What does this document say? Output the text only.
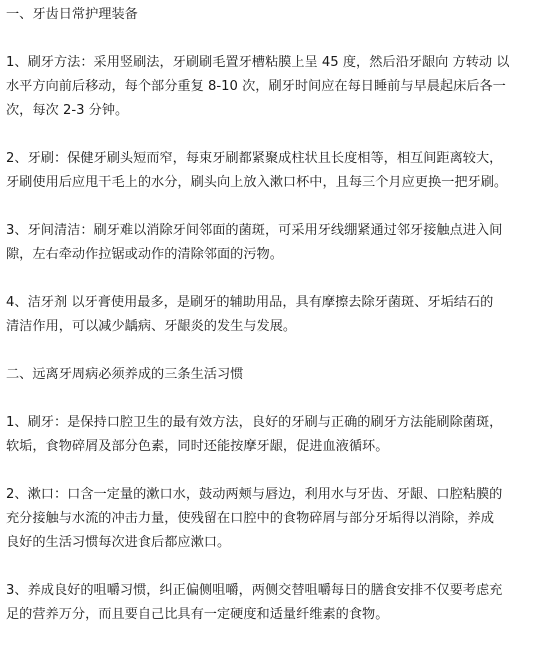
一、牙齿日常护理装备
1、刷牙方法：采用竖刷法，牙刷刷毛置牙槽粘膜上呈 45 度，然后沿牙龈向 方转动 以
水平方向前后移动，每个部分重复 8-10 次，刷牙时间应在每日睡前与早晨起床后各一
次，每次 2-3 分钟。
2、牙刷：保健牙刷头短而窄，每束牙刷都紧聚成柱状且长度相等，相互间距离较大，
牙刷使用后应甩干毛上的水分，刷头向上放入漱口杯中，且每三个月应更换一把牙刷。
3、牙间清洁：刷牙难以消除牙间邻面的菌斑，可采用牙线绷紧通过邻牙接触点进入间
隙，左右牵动作拉锯或动作的清除邻面的污物。
4、洁牙剂 以牙膏使用最多，是刷牙的辅助用品，具有摩擦去除牙菌斑、牙垢结石的
清洁作用，可以减少龋病、牙龈炎的发生与发展。
二、远离牙周病必须养成的三条生活习惯
1、刷牙：是保持口腔卫生的最有效方法，良好的牙刷与正确的刷牙方法能刷除菌斑，
软垢，食物碎屑及部分色素，同时还能按摩牙龈，促进血液循环。
2、漱口：口含一定量的漱口水，鼓动两颊与唇边，利用水与牙齿、牙龈、口腔粘膜的
充分接触与水流的冲击力量，使残留在口腔中的食物碎屑与部分牙垢得以消除，养成
良好的生活习惯每次进食后都应漱口。
3、养成良好的咀嚼习惯，纠正偏侧咀嚼，两侧交替咀嚼每日的膳食安排不仅要考虑充
足的营养万分，而且要自己比具有一定硬度和适量纤维素的食物。
